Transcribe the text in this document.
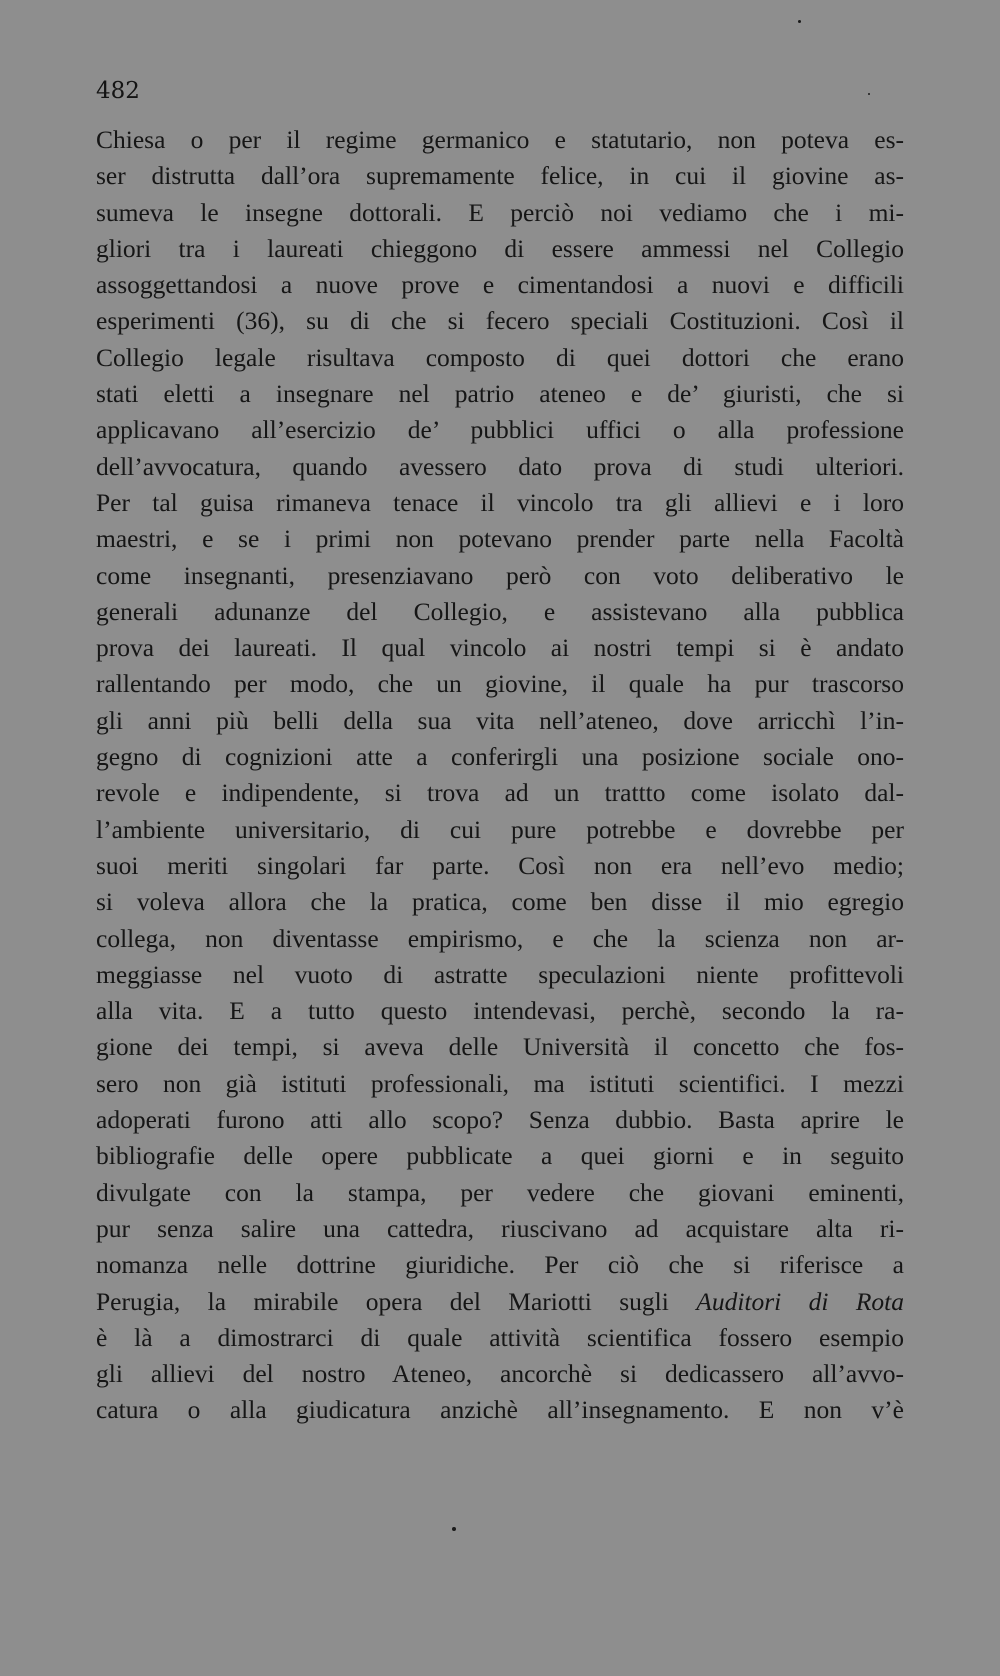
482
Chiesa o per il regime germanico e statutario, non poteva es-
ser distrutta dall’ora supremamente felice, in cui il giovine as-
sumeva le insegne dottorali. E perciò noi vediamo che i mi-
gliori tra i laureati chieggono di essere ammessi nel Collegio
assoggettandosi a nuove prove e cimentandosi a nuovi e difficili
esperimenti (36), su di che si fecero speciali Costituzioni. Così il
Collegio legale risultava composto di quei dottori che erano
stati eletti a insegnare nel patrio ateneo e de’ giuristi, che si
applicavano all’esercizio de’ pubblici uffici o alla professione
dell’avvocatura, quando avessero dato prova di studi ulteriori.
Per tal guisa rimaneva tenace il vincolo tra gli allievi e i loro
maestri, e se i primi non potevano prender parte nella Facoltà
come insegnanti, presenziavano però con voto deliberativo le
generali adunanze del Collegio, e assistevano alla pubblica
prova dei laureati. Il qual vincolo ai nostri tempi si è andato
rallentando per modo, che un giovine, il quale ha pur trascorso
gli anni più belli della sua vita nell’ateneo, dove arricchì l’in-
gegno di cognizioni atte a conferirgli una posizione sociale ono-
revole e indipendente, si trova ad un trattto come isolato dal-
l’ambiente universitario, di cui pure potrebbe e dovrebbe per
suoi meriti singolari far parte. Così non era nell’evo medio;
si voleva allora che la pratica, come ben disse il mio egregio
collega, non diventasse empirismo, e che la scienza non ar-
meggiasse nel vuoto di astratte speculazioni niente profittevoli
alla vita. E a tutto questo intendevasi, perchè, secondo la ra-
gione dei tempi, si aveva delle Università il concetto che fos-
sero non già istituti professionali, ma istituti scientifici. I mezzi
adoperati furono atti allo scopo? Senza dubbio. Basta aprire le
bibliografie delle opere pubblicate a quei giorni e in seguito
divulgate con la stampa, per vedere che giovani eminenti,
pur senza salire una cattedra, riuscivano ad acquistare alta ri-
nomanza nelle dottrine giuridiche. Per ciò che si riferisce a
Perugia, la mirabile opera del Mariotti sugli Auditori di Rota
è là a dimostrarci di quale attività scientifica fossero esempio
gli allievi del nostro Ateneo, ancorchè si dedicassero all’avvo-
catura o alla giudicatura anzichè all’insegnamento. E non v’è
